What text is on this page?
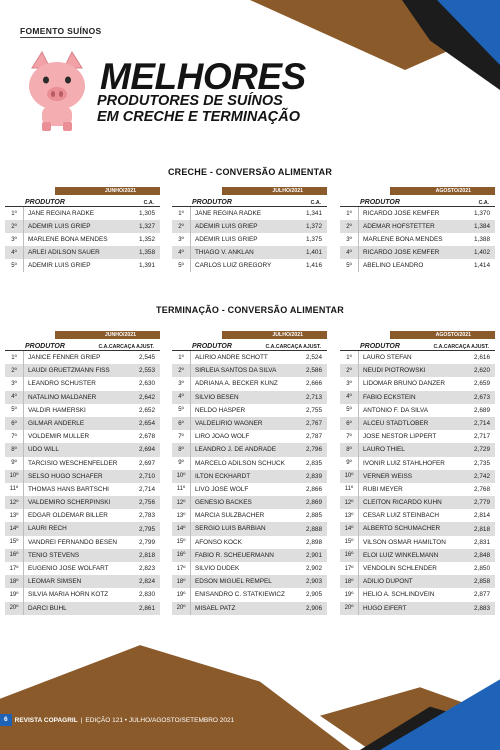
FOMENTO SUÍNOS
MELHORES
PRODUTORES DE SUÍNOS
EM CRECHE E TERMINAÇÃO
CRECHE - CONVERSÃO ALIMENTAR
TERMINAÇÃO - CONVERSÃO ALIMENTAR
JUNHO/2021
PRODUTOR	C.A.
1º	JANE REGINA RADKE	1,305
2º	ADEMIR LUIS GRIEP	1,327
3º	MARLENE BONA MENDES	1,352
4º	ARLEI ADILSON SAUER	1,358
5º	ADEMIR LUIS GRIEP	1,391
JULHO/2021
PRODUTOR	C.A.
1º	JANE REGINA RADKE	1,341
2º	ADEMIR LUIS GRIEP	1,372
3º	ADEMIR LUIS GRIEP	1,375
4º	THIAGO V. ANKLAN	1,401
5º	CARLOS LUIZ GREGORY	1,416
AGOSTO/2021
PRODUTOR	C.A.
1º	RICARDO JOSE KEMFER	1,370
2º	ADEMAR HOFSTETTER	1,384
3º	MARLENE BONA MENDES	1,388
4º	RICARDO JOSE KEMFER	1,402
5º	ABELINO LEANDRO	1,414
JUNHO/2021
PRODUTOR	C.A.CARCAÇA AJUST.
1º	JANICE FENNER GRIEP	2,545
2º	LAUDI GRUETZMANN FISS	2,553
3º	LEANDRO SCHUSTER	2,630
4º	NATALINO MALDANER	2,642
5º	VALDIR HAMERSKI	2,652
6º	GILMAR ANDERLE	2,654
7º	VOLDEMIR MULLER	2,678
8º	UDO WILL	2,694
9º	TARCISIO WESCHENFELDER	2,697
10º	SELSO HUGO SCHAFER	2,710
11º	THOMAS HANS BARTSCHI	2,714
12º	VALDEMIRO SCHERPINSKI	2,756
13º	EDGAR OLDEMAR BILLER	2,783
14º	LAURI RECH	2,795
15º	VANDREI FERNANDO BESEN	2,799
16º	TENIO STEVENS	2,818
17º	EUGENIO JOSE WOLFART	2,823
18º	LEOMAR SIMSEN	2,824
19º	SILVIA MARIA HORN KOTZ	2,830
20º	DARCI BUHL	2,861
JULHO/2021
PRODUTOR	C.A.CARCAÇA AJUST.
1º	ALIRIO ANDRE SCHOTT	2,524
2º	SIRLEIA SANTOS DA SILVA	2,586
3º	ADRIANA A. BECKER KUNZ	2,666
4º	SILVIO BESEN	2,713
5º	NELDO HASPER	2,755
6º	VALDELIRIO WAGNER	2,767
7º	LIRO JOAO WOLF	2,787
8º	LEANDRO J. DE ANDRADE	2,796
9º	MARCELO ADILSON SCHUCK	2,835
10º	ILTON ECKHARDT	2,839
11º	LIVO JOSE WOLF	2,866
12º	GENESIO BACKES	2,869
13º	MARCIA SULZBACHER	2,885
14º	SERGIO LUIS BARBIAN	2,888
15º	AFONSO KOCK	2,898
16º	FABIO R. SCHEUERMANN	2,901
17º	SILVIO DUDEK	2,902
18º	EDSON MIGUEL REMPEL	2,903
19º	ENISANDRO C. STATKIEWICZ	2,905
20º	MISAEL PATZ	2,906
AGOSTO/2021
PRODUTOR	C.A.CARCAÇA AJUST.
1º	LAURO STEFAN	2,616
2º	NEUDI PIOTROWSKI	2,620
3º	LIDOMAR BRUNO DANZER	2,659
4º	FABIO ECKSTEIN	2,673
5º	ANTONIO F. DA SILVA	2,689
6º	ALCEU STADTLOBER	2,714
7º	JOSE NESTOR LIPPERT	2,717
8º	LAURO THIEL	2,729
9º	IVONIR LUIZ STAHLHOFER	2,735
10º	VERNER WEISS	2,742
11º	RUBI MEYER	2,768
12º	CLEITON RICARDO KUHN	2,779
13º	CESAR LUIZ STEINBACH	2,814
14º	ALBERTO SCHUMACHER	2,818
15º	VILSON OSMAR HAMILTON	2,831
16º	ELOI LUIZ WINKELMANN	2,848
17º	VENDOLIN SCHLENDER	2,850
18º	ADILIO DUPONT	2,858
19º	HELIO A. SCHLINDVEIN	2,877
20º	HUGO EIFERT	2,883
6	REVISTA COPAGRIL | EDIÇÃO 121 • JULHO/AGOSTO/SETEMBRO 2021
